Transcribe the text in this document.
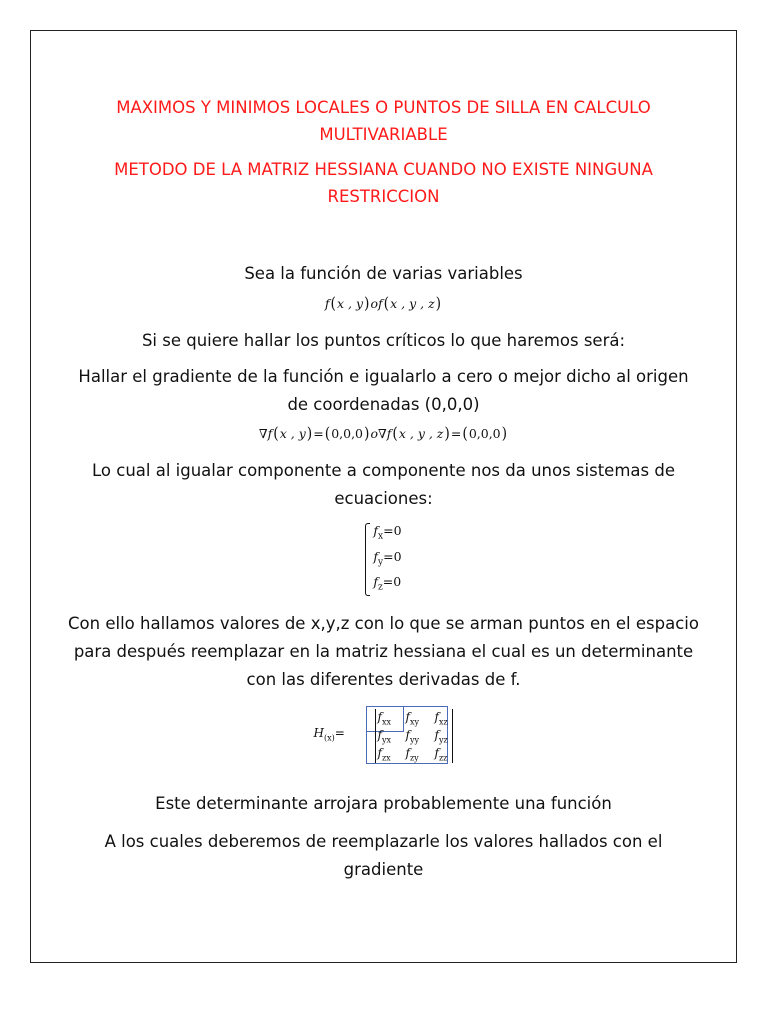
MAXIMOS Y MINIMOS LOCALES O PUNTOS DE SILLA EN CALCULO MULTIVARIABLE

METODO DE LA MATRIZ HESSIANA CUANDO NO EXISTE NINGUNA RESTRICCION

Sea la función de varias variables

f(x , y)of(x , y , z)

Si se quiere hallar los puntos críticos lo que haremos será:

Hallar el gradiente de la función e igualarlo a cero o mejor dicho al origen de coordenadas (0,0,0)

∇f(x , y)=(0,0,0)o∇f(x , y , z)=(0,0,0)

Lo cual al igualar componente a componente nos da unos sistemas de ecuaciones:

$f_x=0$
$f_y=0$
$f_z=0$

Con ello hallamos valores de x,y,z con lo que se arman puntos en el espacio para después reemplazar en la matriz hessiana el cual es un determinante con las diferentes derivadas de f.

$H_{(x)}=$
$f_{xx}$ $f_{xy}$ $f_{xz}$
$f_{yx}$ $f_{yy}$ $f_{yz}$
$f_{zx}$ $f_{zy}$ $f_{zz}$

Este determinante arrojara probablemente una función

A los cuales deberemos de reemplazarle los valores hallados con el gradiente
